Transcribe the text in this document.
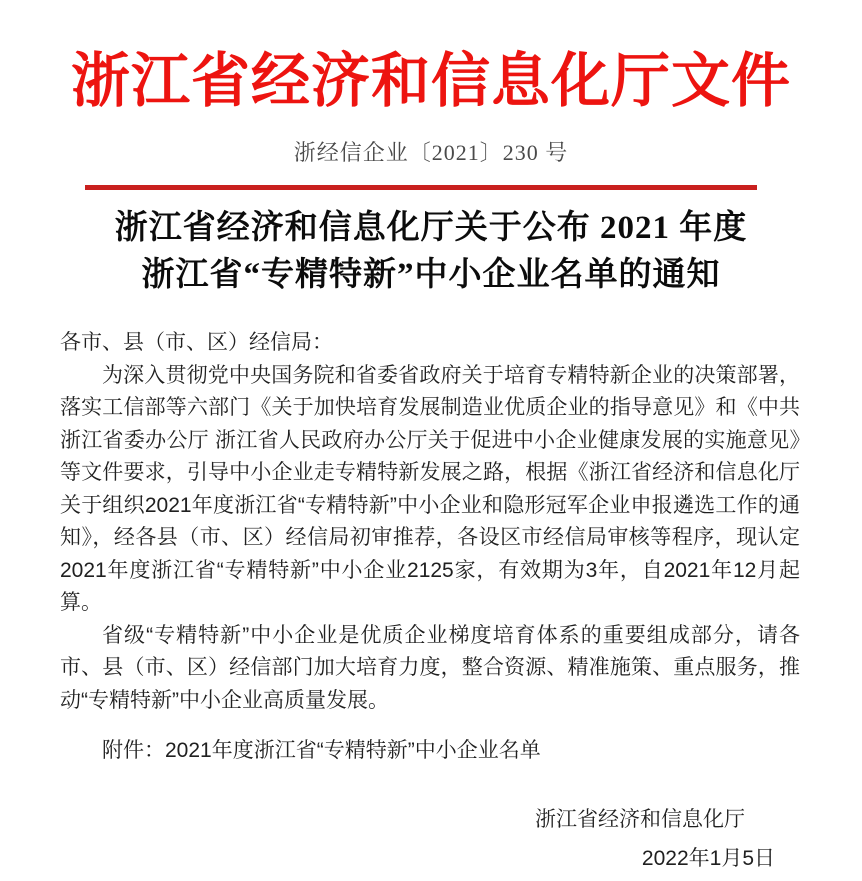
浙江省经济和信息化厅文件
浙经信企业〔2021〕230 号
浙江省经济和信息化厅关于公布 2021 年度
浙江省“专精特新”中小企业名单的通知

各市、县（市、区）经信局：

为深入贯彻党中央国务院和省委省政府关于培育专精特新企业的决策部署，落实工信部等六部门《关于加快培育发展制造业优质企业的指导意见》和《中共浙江省委办公厅 浙江省人民政府办公厅关于促进中小企业健康发展的实施意见》等文件要求，引导中小企业走专精特新发展之路，根据《浙江省经济和信息化厅关于组织2021年度浙江省“专精特新”中小企业和隐形冠军企业申报遴选工作的通知》，经各县（市、区）经信局初审推荐，各设区市经信局审核等程序，现认定2021年度浙江省“专精特新”中小企业2125家，有效期为3年，自2021年12月起算。

省级“专精特新”中小企业是优质企业梯度培育体系的重要组成部分，请各市、县（市、区）经信部门加大培育力度，整合资源、精准施策、重点服务，推动“专精特新”中小企业高质量发展。

附件：2021年度浙江省“专精特新”中小企业名单

浙江省经济和信息化厅
2022年1月5日
